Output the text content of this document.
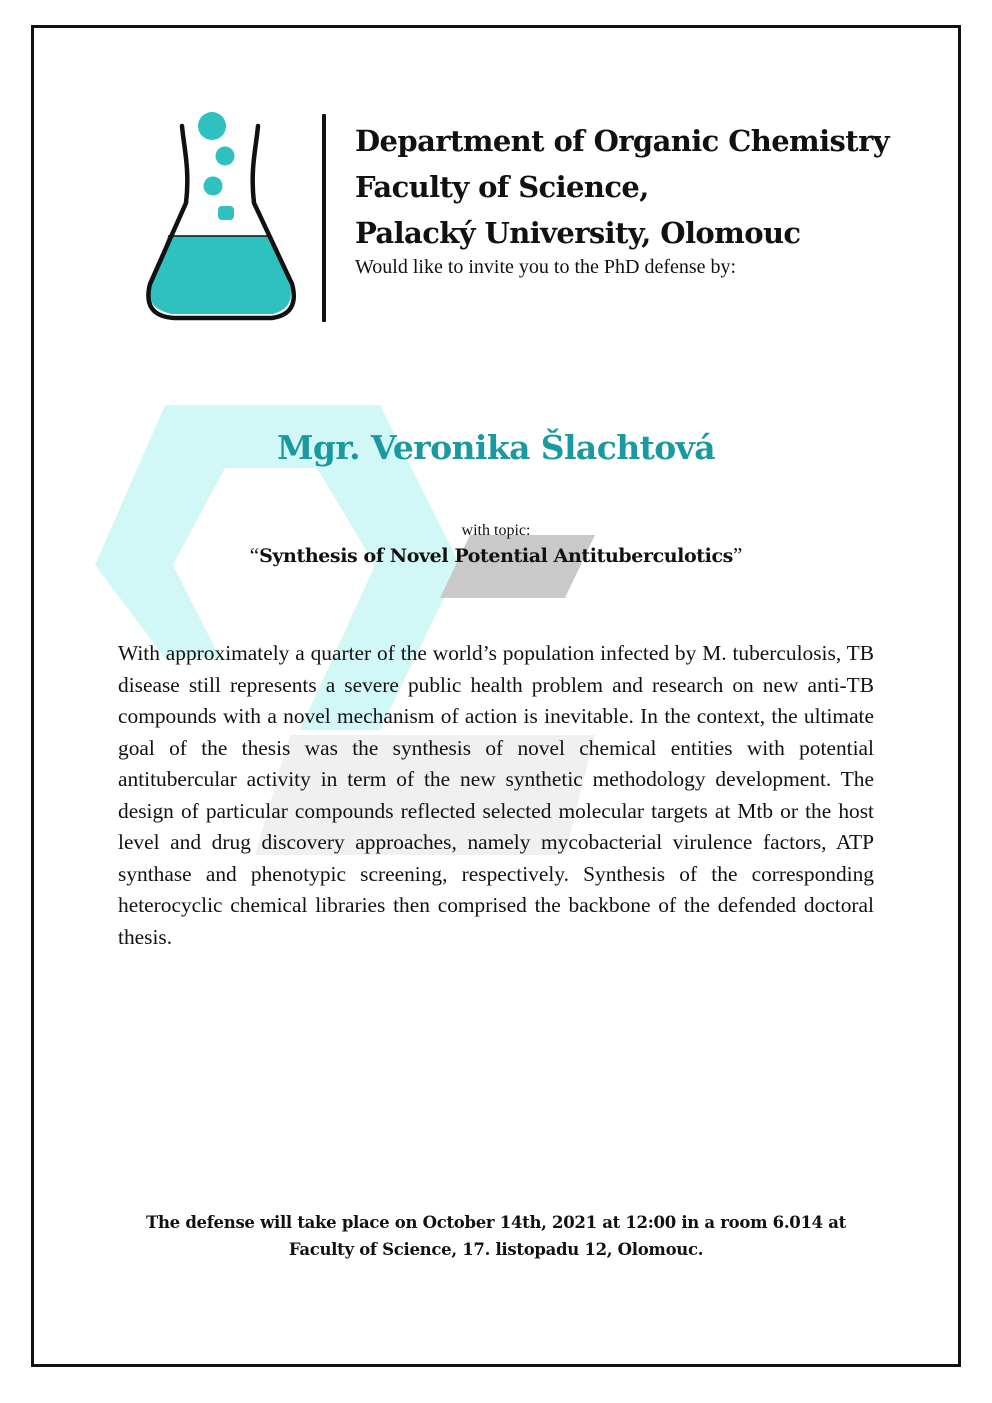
Department of Organic Chemistry
Faculty of Science,
Palacký University, Olomouc
Would like to invite you to the PhD defense by:
Mgr. Veronika Šlachtová
with topic:
“Synthesis of Novel Potential Antituberculotics”
With approximately a quarter of the world’s population infected by M. tuberculosis, TB disease still represents a severe public health problem and research on new anti-TB compounds with a novel mechanism of action is inevitable. In the context, the ultimate goal of the thesis was the synthesis of novel chemical entities with potential antitubercular activity in term of the new synthetic methodology development. The design of particular compounds reflected selected molecular targets at Mtb or the host level and drug discovery approaches, namely mycobacterial virulence factors, ATP synthase and phenotypic screening, respectively. Synthesis of the corresponding heterocyclic chemical libraries then comprised the backbone of the defended doctoral thesis.
The defense will take place on October 14th, 2021 at 12:00 in a room 6.014 at
Faculty of Science, 17. listopadu 12, Olomouc.
